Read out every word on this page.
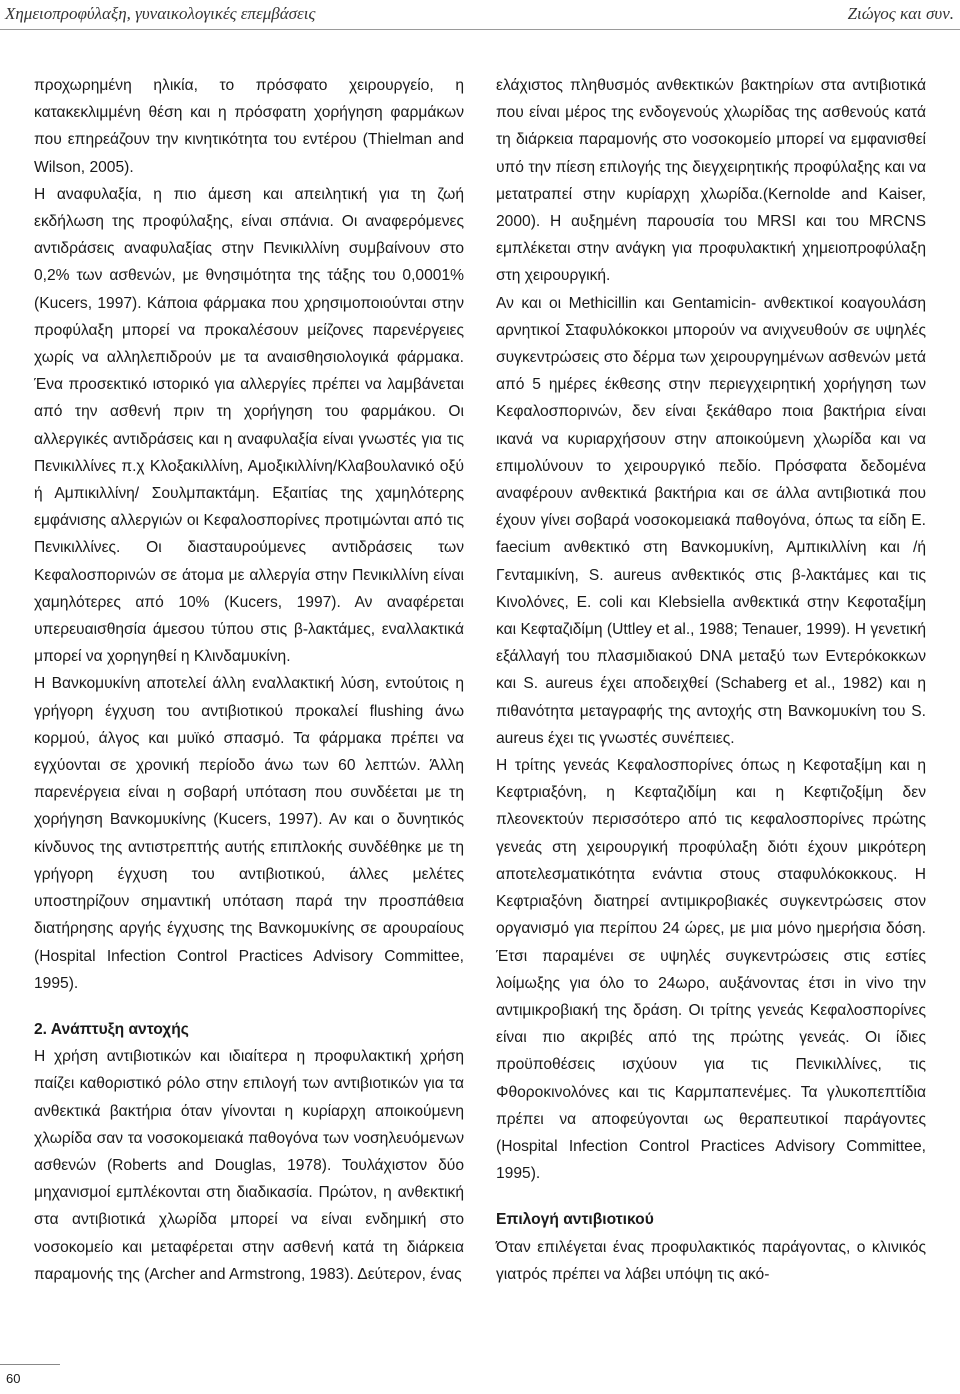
Χημειοπροφύλαξη, γυναικολογικές επεμβάσεις	Ζιώγος και συν.

προχωρημένη ηλικία, το πρόσφατο χειρουργείο, η κατακεκλιμμένη θέση και η πρόσφατη χορήγηση φαρμάκων που επηρεάζουν την κινητικότητα του εντέρου (Thielman and Wilson, 2005).

Η αναφυλαξία, η πιο άμεση και απειλητική για τη ζωή εκδήλωση της προφύλαξης, είναι σπάνια. Οι αναφερόμενες αντιδράσεις αναφυλαξίας στην Πενικιλλίνη συμβαίνουν στο 0,2% των ασθενών, με θνησιμότητα της τάξης του 0,0001% (Kucers, 1997). Κάποια φάρμακα που χρησιμοποιούνται στην προφύλαξη μπορεί να προκαλέσουν μείζονες παρενέργειες χωρίς να αλληλεπιδρούν με τα αναισθησιολογικά φάρμακα. Ένα προσεκτικό ιστορικό για αλλεργίες πρέπει να λαμβάνεται από την ασθενή πριν τη χορήγηση του φαρμάκου. Οι αλλεργικές αντιδράσεις και η αναφυλαξία είναι γνωστές για τις Πενικιλλίνες π.χ Κλοξακιλλίνη, Αμοξικιλλίνη/Κλαβουλανικό οξύ ή Αμπικιλλίνη/ Σουλμπακτάμη. Εξαιτίας της χαμηλότερης εμφάνισης αλλεργιών οι Κεφαλοσπορίνες προτιμώνται από τις Πενικιλλίνες. Οι διασταυρούμενες αντιδράσεις των Κεφαλοσπορινών σε άτομα με αλλεργία στην Πενικιλλίνη είναι χαμηλότερες από 10% (Kucers, 1997). Αν αναφέρεται υπερευαισθησία άμεσου τύπου στις β-λακτάμες, εναλλακτικά μπορεί να χορηγηθεί η Κλινδαμυκίνη.

Η Βανκομυκίνη αποτελεί άλλη εναλλακτική λύση, εντούτοις η γρήγορη έγχυση του αντιβιοτικού προκαλεί flushing άνω κορμού, άλγος και μυϊκό σπασμό. Τα φάρμακα πρέπει να εγχύονται σε χρονική περίοδο άνω των 60 λεπτών. Άλλη παρενέργεια είναι η σοβαρή υπόταση που συνδέεται με τη χορήγηση Βανκομυκίνης (Kucers, 1997). Αν και ο δυνητικός κίνδυνος της αντιστρεπτής αυτής επιπλοκής συνδέθηκε με τη γρήγορη έγχυση του αντιβιοτικού, άλλες μελέτες υποστηρίζουν σημαντική υπόταση παρά την προσπάθεια διατήρησης αργής έγχυσης της Βανκομυκίνης σε αρουραίους (Hospital Infection Control Practices Advisory Committee, 1995).

2. Ανάπτυξη αντοχής

Η χρήση αντιβιοτικών και ιδιαίτερα η προφυλακτική χρήση παίζει καθοριστικό ρόλο στην επιλογή των αντιβιοτικών για τα ανθεκτικά βακτήρια όταν γίνονται η κυρίαρχη αποικούμενη χλωρίδα σαν τα νοσοκομειακά παθογόνα των νοσηλευόμενων ασθενών (Roberts and Douglas, 1978). Τουλάχιστον δύο μηχανισμοί εμπλέκονται στη διαδικασία. Πρώτον, η ανθεκτική στα αντιβιοτικά χλωρίδα μπορεί να είναι ενδημική στο νοσοκομείο και μεταφέρεται στην ασθενή κατά τη διάρκεια παραμονής της (Archer and Armstrong, 1983). Δεύτερον, ένας

ελάχιστος πληθυσμός ανθεκτικών βακτηρίων στα αντιβιοτικά που είναι μέρος της ενδογενούς χλωρίδας της ασθενούς κατά τη διάρκεια παραμονής στο νοσοκομείο μπορεί να εμφανισθεί υπό την πίεση επιλογής της διεγχειρητικής προφύλαξης και να μετατραπεί στην κυρίαρχη χλωρίδα.(Kernolde and Kaiser, 2000). Η αυξημένη παρουσία του MRSI και του MRCNS εμπλέκεται στην ανάγκη για προφυλακτική χημειοπροφύλαξη στη χειρουργική.

Αν και οι Methicillin και Gentamicin- ανθεκτικοί κοαγουλάση αρνητικοί Σταφυλόκοκκοι μπορούν να ανιχνευθούν σε υψηλές συγκεντρώσεις στο δέρμα των χειρουργημένων ασθενών μετά από 5 ημέρες έκθεσης στην περιεγχειρητική χορήγηση των Κεφαλοσπορινών, δεν είναι ξεκάθαρο ποια βακτήρια είναι ικανά να κυριαρχήσουν στην αποικούμενη χλωρίδα και να επιμολύνουν το χειρουργικό πεδίο. Πρόσφατα δεδομένα αναφέρουν ανθεκτικά βακτήρια και σε άλλα αντιβιοτικά που έχουν γίνει σοβαρά νοσοκομειακά παθογόνα, όπως τα είδη E. faecium ανθεκτικό στη Βανκομυκίνη, Αμπικιλλίνη και /ή Γενταμικίνη, S. aureus ανθεκτικός στις β-λακτάμες και τις Κινολόνες, E. coli και Klebsiella ανθεκτικά στην Κεφοταξίμη και Κεφταζιδίμη (Uttley et al., 1988; Tenauer, 1999). Η γενετική εξάλλαγή του πλασμιδιακού DNA μεταξύ των Εντερόκοκκων και S. aureus έχει αποδειχθεί (Schaberg et al., 1982) και η πιθανότητα μεταγραφής της αντοχής στη Βανκομυκίνη του S. aureus έχει τις γνωστές συνέπειες.

Η τρίτης γενεάς Κεφαλοσπορίνες όπως η Κεφοταξίμη και η Κεφτριαξόνη, η Κεφταζιδίμη και η Κεφτιζοξίμη δεν πλεονεκτούν περισσότερο από τις κεφαλοσπορίνες πρώτης γενεάς στη χειρουργική προφύλαξη διότι έχουν μικρότερη αποτελεσματικότητα ενάντια στους σταφυλόκοκκους. Η Κεφτριαξόνη διατηρεί αντιμικροβιακές συγκεντρώσεις στον οργανισμό για περίπου 24 ώρες, με μια μόνο ημερήσια δόση. Έτσι παραμένει σε υψηλές συγκεντρώσεις στις εστίες λοίμωξης για όλο το 24ωρο, αυξάνοντας έτσι in vivo την αντιμικροβιακή της δράση. Οι τρίτης γενεάς Κεφαλοσπορίνες είναι πιο ακριβές από της πρώτης γενεάς. Οι ίδιες προϋποθέσεις ισχύουν για τις Πενικιλλίνες, τις Φθοροκινολόνες και τις Καρμπαπενέμες. Τα γλυκοπεπτίδια πρέπει να αποφεύγονται ως θεραπευτικοί παράγοντες (Hospital Infection Control Practices Advisory Committee, 1995).

Επιλογή αντιβιοτικού

Όταν επιλέγεται ένας προφυλακτικός παράγοντας, ο κλινικός γιατρός πρέπει να λάβει υπόψη τις ακό-

60
